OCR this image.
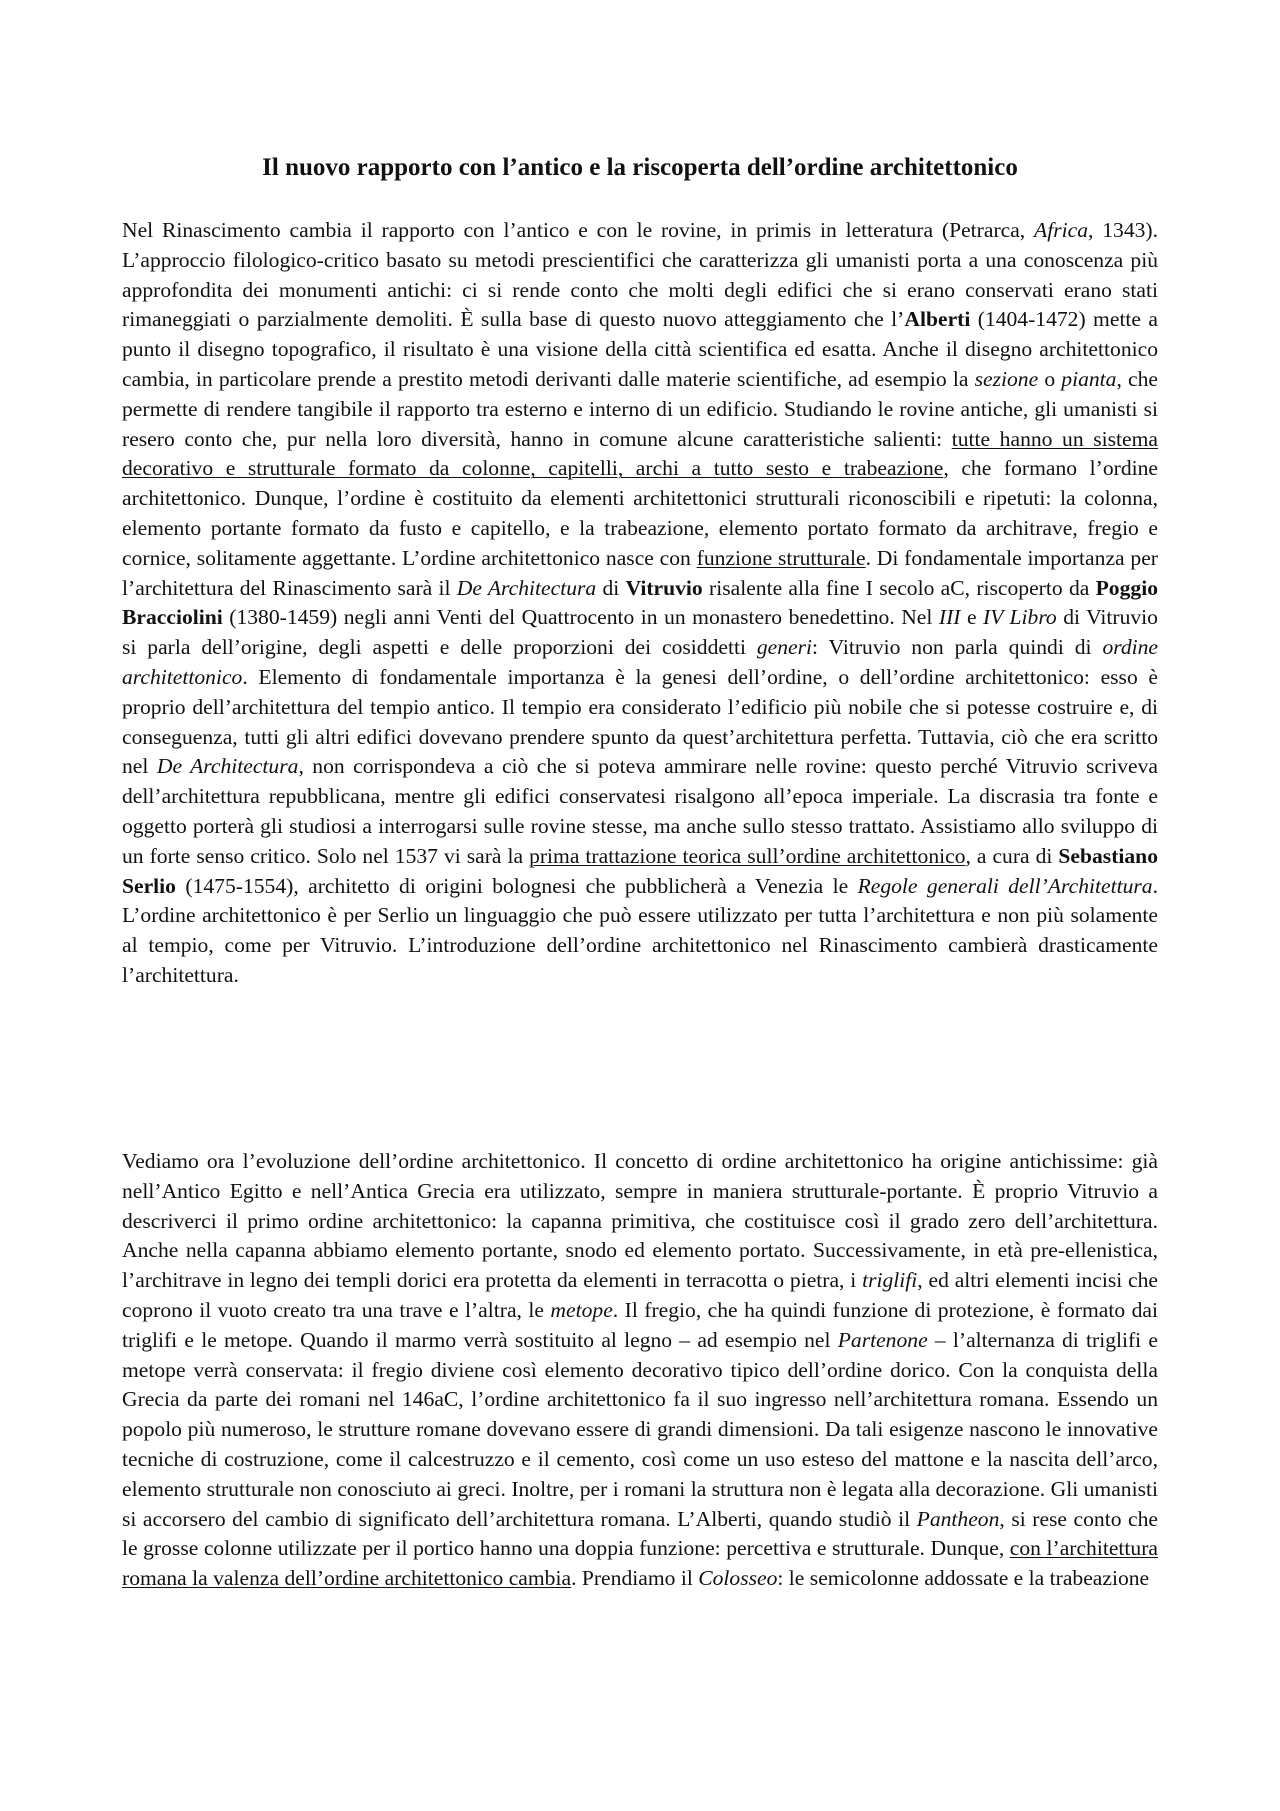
Il nuovo rapporto con l’antico e la riscoperta dell’ordine architettonico

Nel Rinascimento cambia il rapporto con l’antico e con le rovine, in primis in letteratura (Petrarca, Africa, 1343). L’approccio filologico-critico basato su metodi prescientifici che caratterizza gli umanisti porta a una conoscenza più approfondita dei monumenti antichi: ci si rende conto che molti degli edifici che si erano conservati erano stati rimaneggiati o parzialmente demoliti. È sulla base di questo nuovo atteggiamento che l’Alberti (1404-1472) mette a punto il disegno topografico, il risultato è una visione della città scientifica ed esatta. Anche il disegno architettonico cambia, in particolare prende a prestito metodi derivanti dalle materie scientifiche, ad esempio la sezione o pianta, che permette di rendere tangibile il rapporto tra esterno e interno di un edificio. Studiando le rovine antiche, gli umanisti si resero conto che, pur nella loro diversità, hanno in comune alcune caratteristiche salienti: tutte hanno un sistema decorativo e strutturale formato da colonne, capitelli, archi a tutto sesto e trabeazione, che formano l’ordine architettonico. Dunque, l’ordine è costituito da elementi architettonici strutturali riconoscibili e ripetuti: la colonna, elemento portante formato da fusto e capitello, e la trabeazione, elemento portato formato da architrave, fregio e cornice, solitamente aggettante. L’ordine architettonico nasce con funzione strutturale. Di fondamentale importanza per l’architettura del Rinascimento sarà il De Architectura di Vitruvio risalente alla fine I secolo aC, riscoperto da Poggio Bracciolini (1380-1459) negli anni Venti del Quattrocento in un monastero benedettino. Nel III e IV Libro di Vitruvio si parla dell’origine, degli aspetti e delle proporzioni dei cosiddetti generi: Vitruvio non parla quindi di ordine architettonico. Elemento di fondamentale importanza è la genesi dell’ordine, o dell’ordine architettonico: esso è proprio dell’architettura del tempio antico. Il tempio era considerato l’edificio più nobile che si potesse costruire e, di conseguenza, tutti gli altri edifici dovevano prendere spunto da quest’architettura perfetta. Tuttavia, ciò che era scritto nel De Architectura, non corrispondeva a ciò che si poteva ammirare nelle rovine: questo perché Vitruvio scriveva dell’architettura repubblicana, mentre gli edifici conservatesi risalgono all’epoca imperiale. La discrasia tra fonte e oggetto porterà gli studiosi a interrogarsi sulle rovine stesse, ma anche sullo stesso trattato. Assistiamo allo sviluppo di un forte senso critico. Solo nel 1537 vi sarà la prima trattazione teorica sull’ordine architettonico, a cura di Sebastiano Serlio (1475-1554), architetto di origini bolognesi che pubblicherà a Venezia le Regole generali dell’Architettura. L’ordine architettonico è per Serlio un linguaggio che può essere utilizzato per tutta l’architettura e non più solamente al tempio, come per Vitruvio. L’introduzione dell’ordine architettonico nel Rinascimento cambierà drasticamente l’architettura.

Vediamo ora l’evoluzione dell’ordine architettonico. Il concetto di ordine architettonico ha origine antichissime: già nell’Antico Egitto e nell’Antica Grecia era utilizzato, sempre in maniera strutturale-portante. È proprio Vitruvio a descriverci il primo ordine architettonico: la capanna primitiva, che costituisce così il grado zero dell’architettura. Anche nella capanna abbiamo elemento portante, snodo ed elemento portato. Successivamente, in età pre-ellenistica, l’architrave in legno dei templi dorici era protetta da elementi in terracotta o pietra, i triglifi, ed altri elementi incisi che coprono il vuoto creato tra una trave e l’altra, le metope. Il fregio, che ha quindi funzione di protezione, è formato dai triglifi e le metope. Quando il marmo verrà sostituito al legno – ad esempio nel Partenone – l’alternanza di triglifi e metope verrà conservata: il fregio diviene così elemento decorativo tipico dell’ordine dorico. Con la conquista della Grecia da parte dei romani nel 146aC, l’ordine architettonico fa il suo ingresso nell’architettura romana. Essendo un popolo più numeroso, le strutture romane dovevano essere di grandi dimensioni. Da tali esigenze nascono le innovative tecniche di costruzione, come il calcestruzzo e il cemento, così come un uso esteso del mattone e la nascita dell’arco, elemento strutturale non conosciuto ai greci. Inoltre, per i romani la struttura non è legata alla decorazione. Gli umanisti si accorsero del cambio di significato dell’architettura romana. L’Alberti, quando studiò il Pantheon, si rese conto che le grosse colonne utilizzate per il portico hanno una doppia funzione: percettiva e strutturale. Dunque, con l’architettura romana la valenza dell’ordine architettonico cambia. Prendiamo il Colosseo: le semicolonne addossate e la trabeazione
